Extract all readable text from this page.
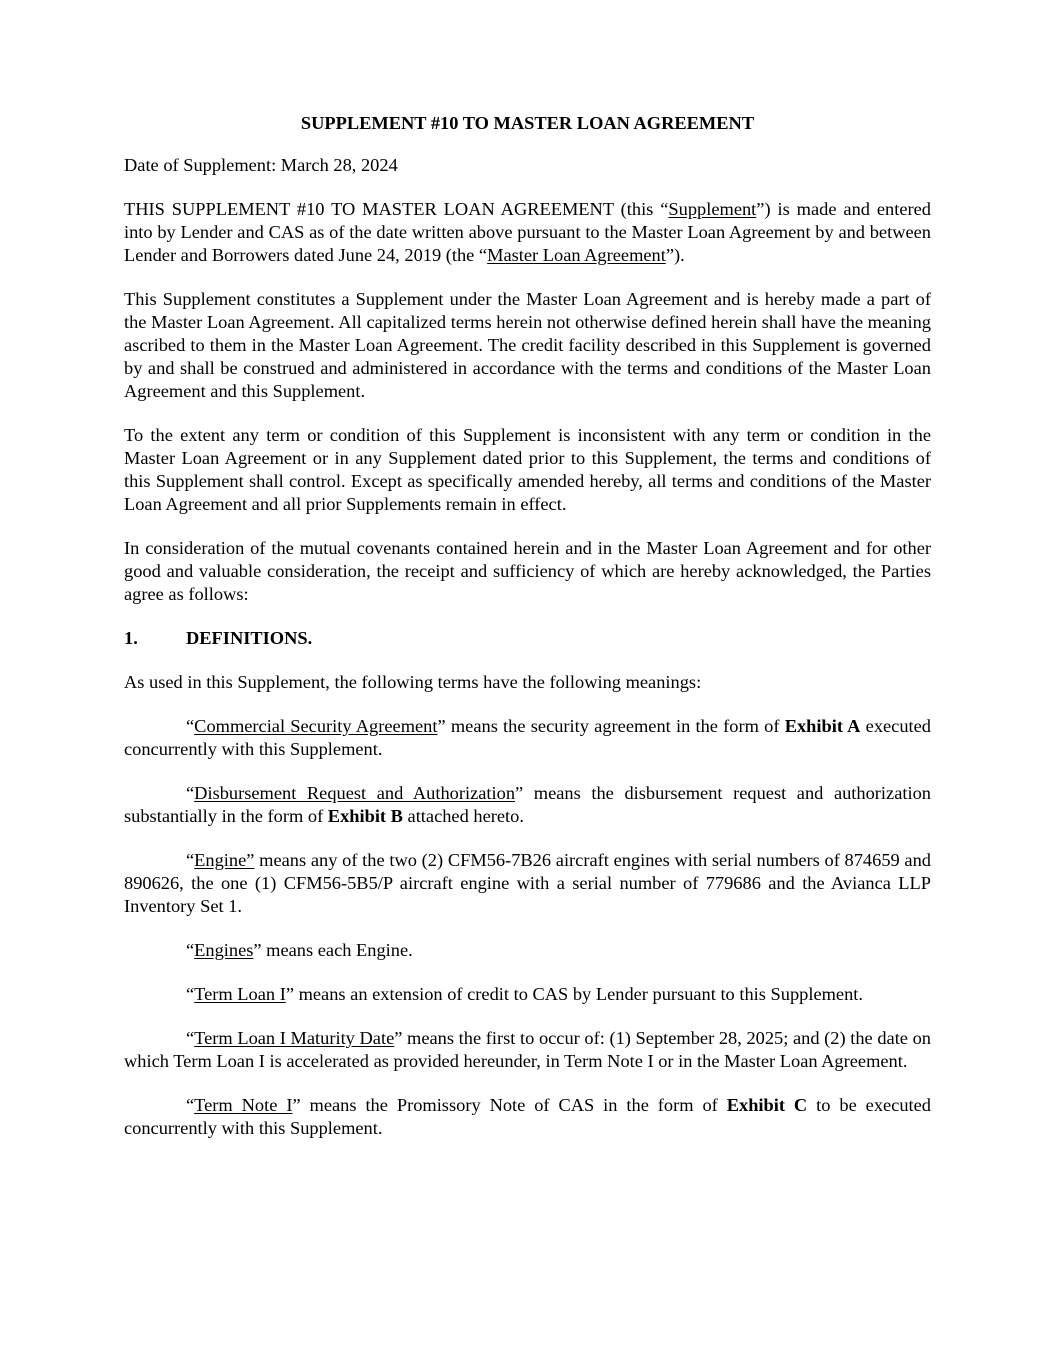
SUPPLEMENT #10 TO MASTER LOAN AGREEMENT

Date of Supplement: March 28, 2024

THIS SUPPLEMENT #10 TO MASTER LOAN AGREEMENT (this “Supplement”) is made and entered into by Lender and CAS as of the date written above pursuant to the Master Loan Agreement by and between Lender and Borrowers dated June 24, 2019 (the “Master Loan Agreement”).

This Supplement constitutes a Supplement under the Master Loan Agreement and is hereby made a part of the Master Loan Agreement. All capitalized terms herein not otherwise defined herein shall have the meaning ascribed to them in the Master Loan Agreement. The credit facility described in this Supplement is governed by and shall be construed and administered in accordance with the terms and conditions of the Master Loan Agreement and this Supplement.

To the extent any term or condition of this Supplement is inconsistent with any term or condition in the Master Loan Agreement or in any Supplement dated prior to this Supplement, the terms and conditions of this Supplement shall control. Except as specifically amended hereby, all terms and conditions of the Master Loan Agreement and all prior Supplements remain in effect.

In consideration of the mutual covenants contained herein and in the Master Loan Agreement and for other good and valuable consideration, the receipt and sufficiency of which are hereby acknowledged, the Parties agree as follows:

1.	DEFINITIONS.

As used in this Supplement, the following terms have the following meanings:

“Commercial Security Agreement” means the security agreement in the form of Exhibit A executed concurrently with this Supplement.

“Disbursement Request and Authorization” means the disbursement request and authorization substantially in the form of Exhibit B attached hereto.

“Engine” means any of the two (2) CFM56-7B26 aircraft engines with serial numbers of 874659 and 890626, the one (1) CFM56-5B5/P aircraft engine with a serial number of 779686 and the Avianca LLP Inventory Set 1.

“Engines” means each Engine.

“Term Loan I” means an extension of credit to CAS by Lender pursuant to this Supplement.

“Term Loan I Maturity Date” means the first to occur of: (1) September 28, 2025; and (2) the date on which Term Loan I is accelerated as provided hereunder, in Term Note I or in the Master Loan Agreement.

“Term Note I” means the Promissory Note of CAS in the form of Exhibit C to be executed concurrently with this Supplement.
